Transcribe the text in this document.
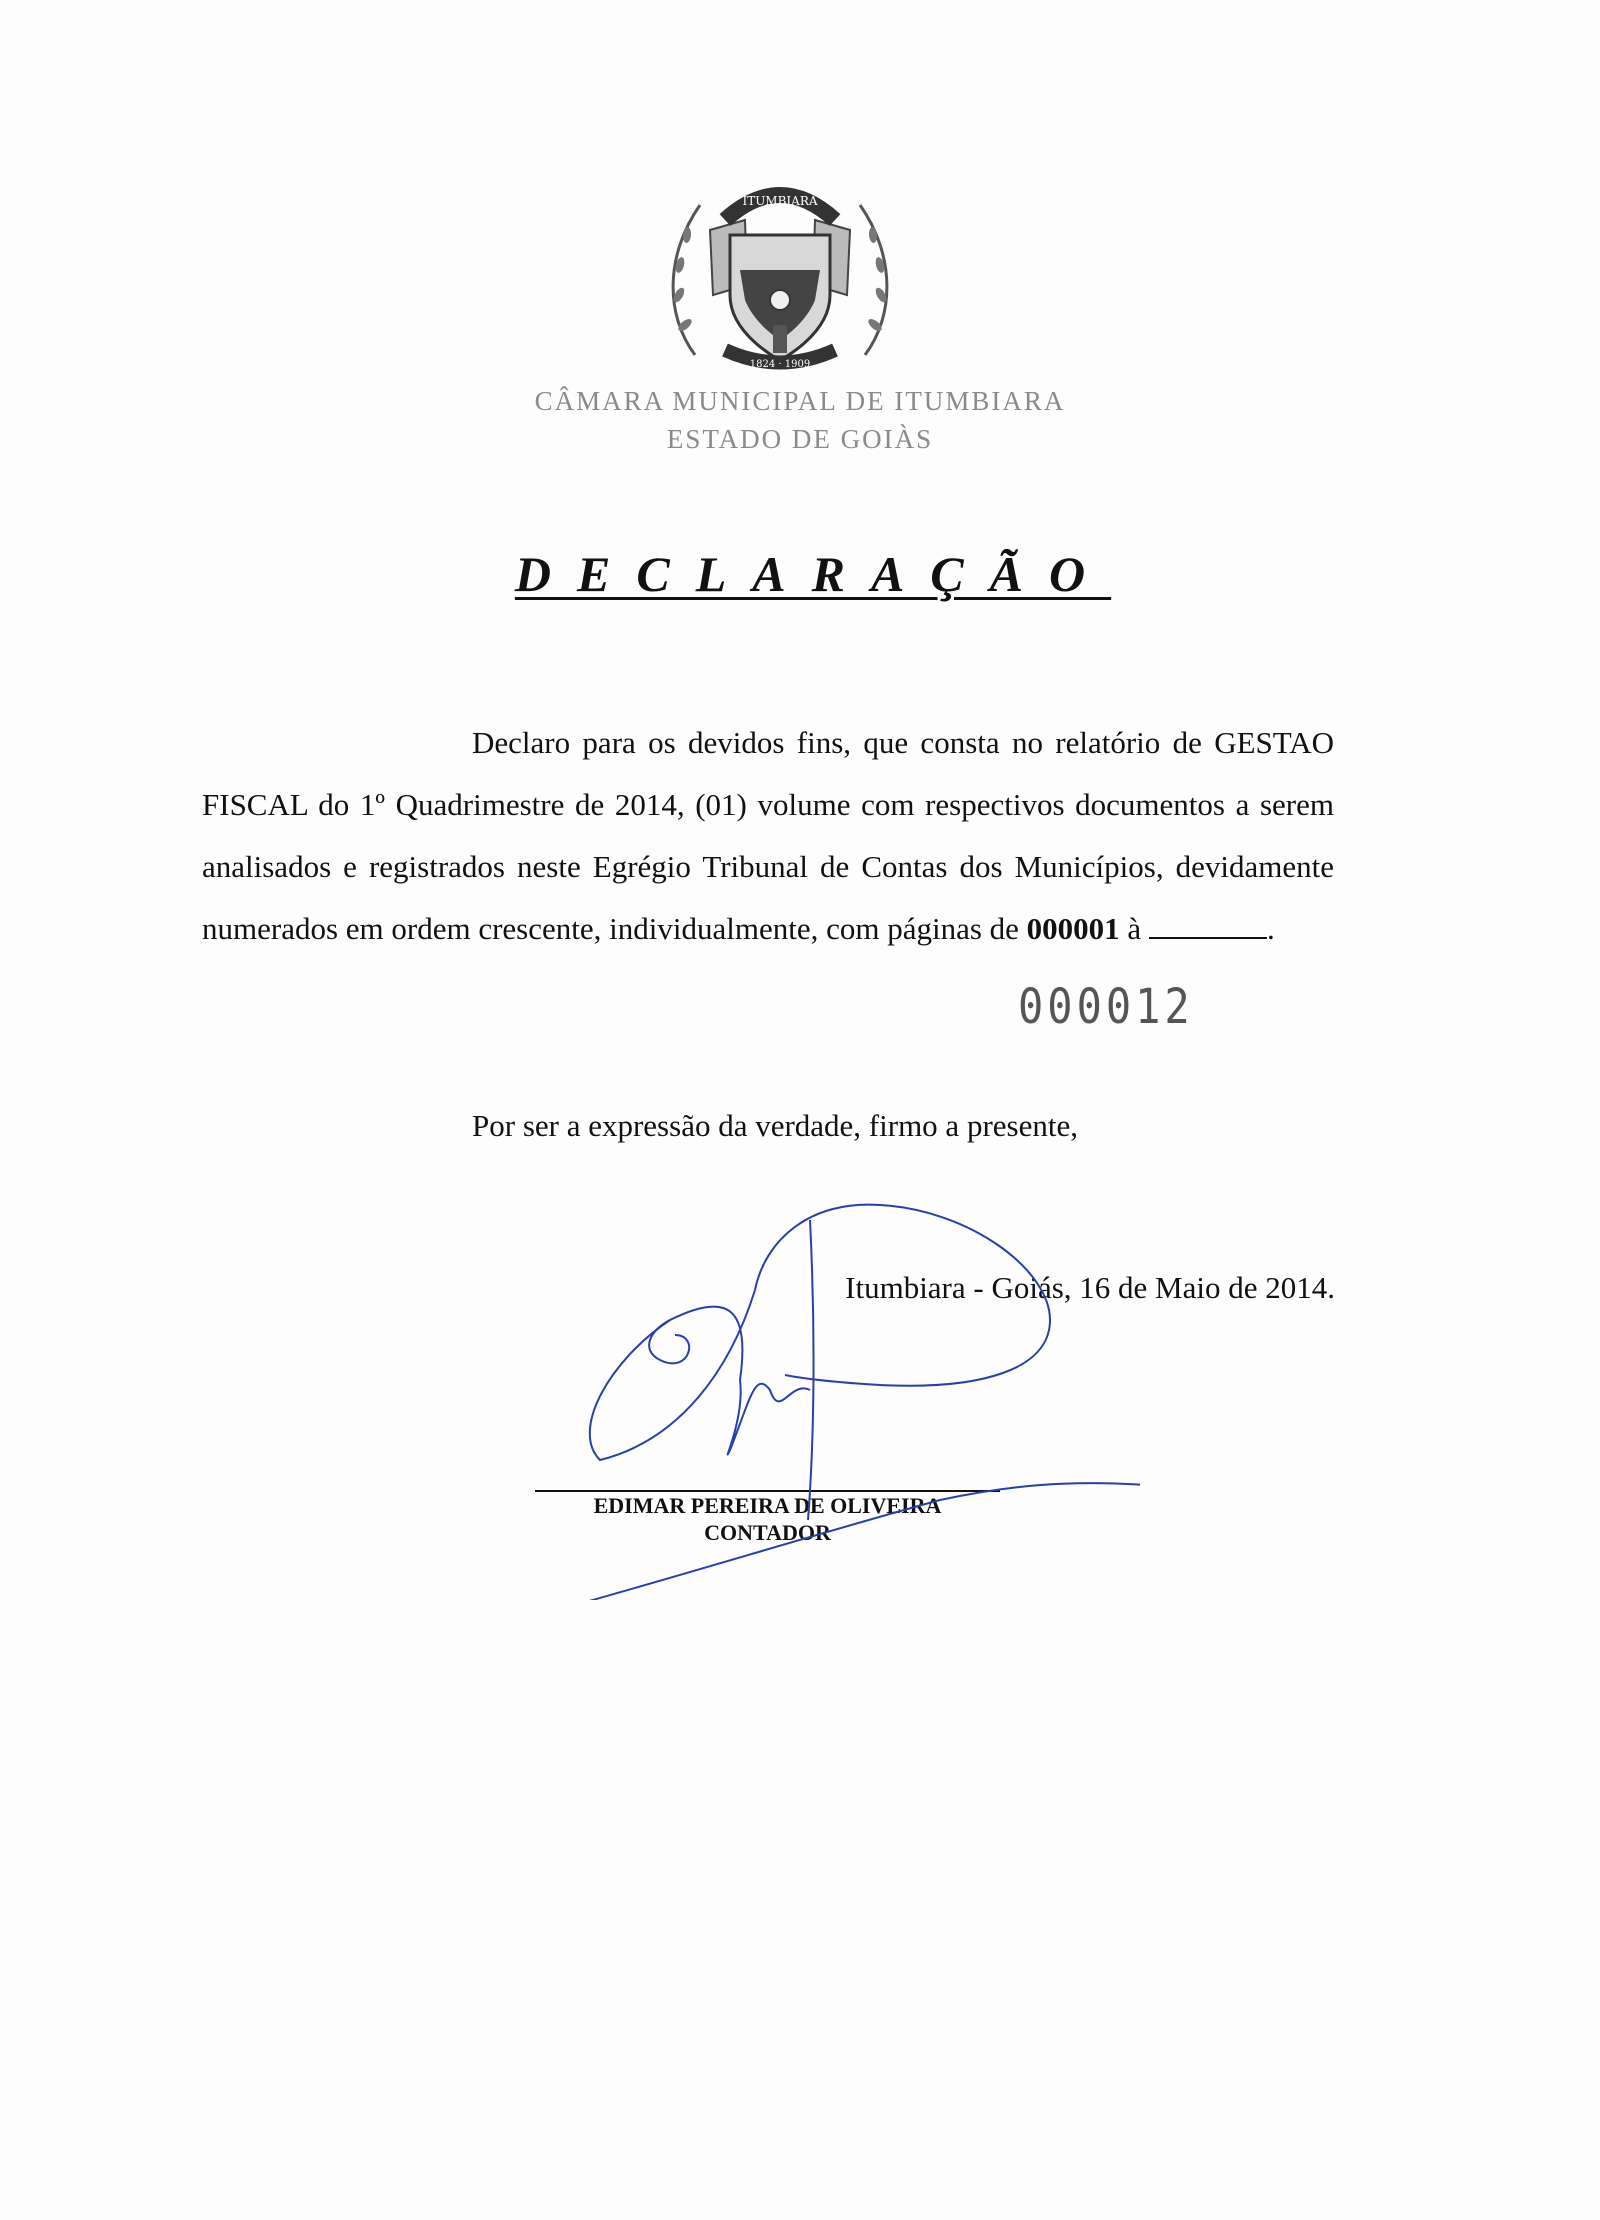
ITUMBIARA
1824 · 1909
CÂMARA MUNICIPAL DE ITUMBIARA
ESTADO DE GOIÀS
DECLARAÇÃO
Declaro para os devidos fins, que consta no relatório de GESTAO FISCAL do 1º Quadrimestre de 2014, (01) volume com respectivos documentos a serem analisados e registrados neste Egrégio Tribunal de Contas dos Municípios, devidamente numerados em ordem crescente, individualmente, com páginas de 000001 à	.
000012
Por ser a expressão da verdade, firmo a presente,
Itumbiara - Goiás, 16 de Maio de 2014.
EDIMAR PEREIRA DE OLIVEIRA
CONTADOR
